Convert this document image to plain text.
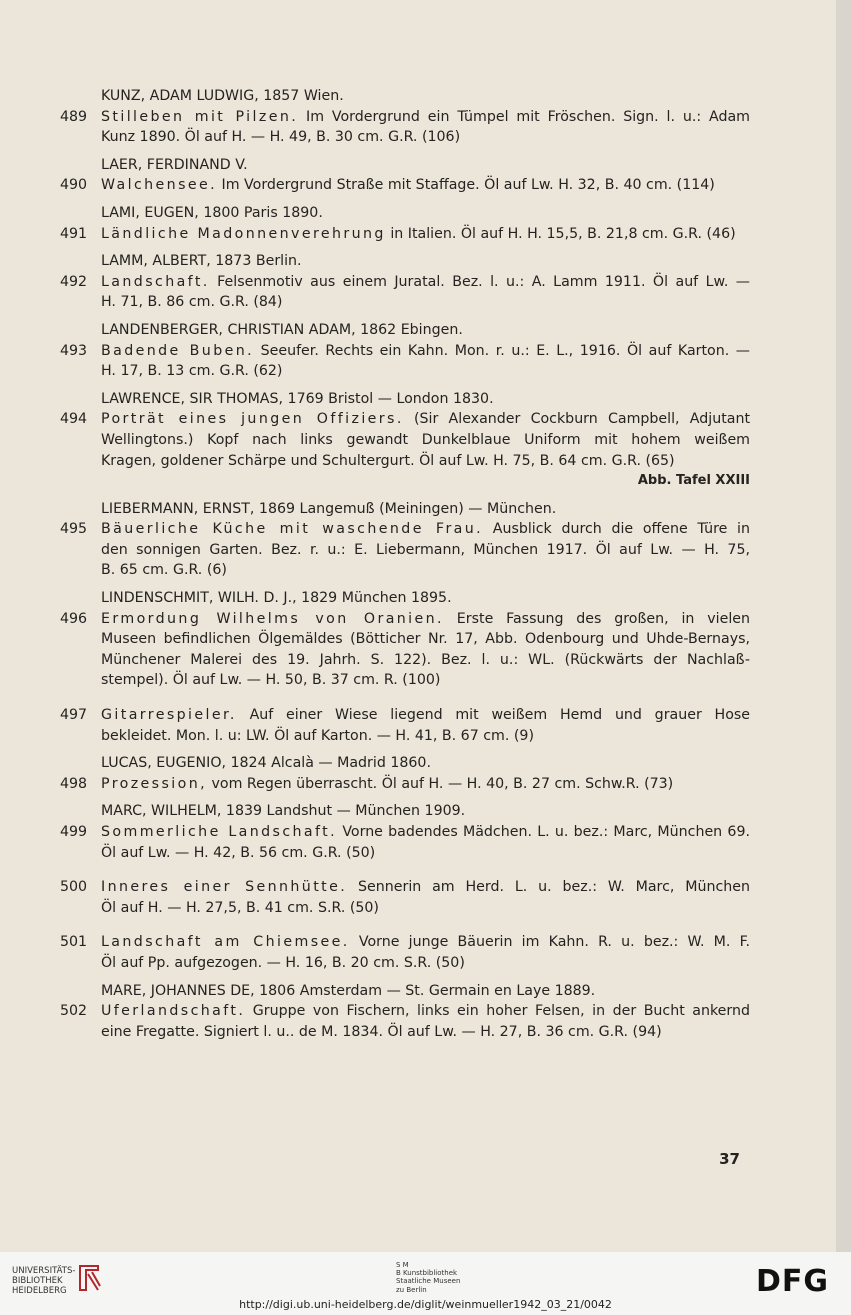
KUNZ, ADAM LUDWIG, 1857 Wien.
489 Stilleben mit Pilzen. Im Vordergrund ein Tümpel mit Fröschen. Sign. l. u.: Adam
Kunz 1890. Öl auf H. — H. 49, B. 30 cm. G.R. (106)
LAER, FERDINAND V.
490 Walchensee. Im Vordergrund Straße mit Staffage. Öl auf Lw. H. 32, B. 40 cm. (114)
LAMI, EUGEN, 1800 Paris 1890.
491 Ländliche Madonnenverehrung in Italien. Öl auf H. H. 15,5, B. 21,8 cm. G.R. (46)
LAMM, ALBERT, 1873 Berlin.
492 Landschaft. Felsenmotiv aus einem Juratal. Bez. l. u.: A. Lamm 1911. Öl auf Lw. —
H. 71, B. 86 cm. G.R. (84)
LANDENBERGER, CHRISTIAN ADAM, 1862 Ebingen.
493 Badende Buben. Seeufer. Rechts ein Kahn. Mon. r. u.: E. L., 1916. Öl auf Karton. —
H. 17, B. 13 cm. G.R. (62)
LAWRENCE, SIR THOMAS, 1769 Bristol — London 1830.
494 Porträt eines jungen Offiziers. (Sir Alexander Cockburn Campbell, Adjutant
Wellingtons.) Kopf nach links gewandt Dunkelblaue Uniform mit hohem weißem
Kragen, goldener Schärpe und Schultergurt. Öl auf Lw. H. 75, B. 64 cm. G.R. (65)
Abb. Tafel XXIII
LIEBERMANN, ERNST, 1869 Langemuß (Meiningen) — München.
495 Bäuerliche Küche mit waschende Frau. Ausblick durch die offene Türe in
den sonnigen Garten. Bez. r. u.: E. Liebermann, München 1917. Öl auf Lw. — H. 75,
B. 65 cm. G.R. (6)
LINDENSCHMIT, WILH. D. J., 1829 München 1895.
496 Ermordung Wilhelms von Oranien. Erste Fassung des großen, in vielen
Museen befindlichen Ölgemäldes (Bötticher Nr. 17, Abb. Odenbourg und Uhde-Bernays,
Münchener Malerei des 19. Jahrh. S. 122). Bez. l. u.: WL. (Rückwärts der Nachlaß-
stempel). Öl auf Lw. — H. 50, B. 37 cm. R. (100)
497 Gitarrespieler. Auf einer Wiese liegend mit weißem Hemd und grauer Hose
bekleidet. Mon. l. u: LW. Öl auf Karton. — H. 41, B. 67 cm. (9)
LUCAS, EUGENIO, 1824 Alcalà — Madrid 1860.
498 Prozession, vom Regen überrascht. Öl auf H. — H. 40, B. 27 cm. Schw.R. (73)
MARC, WILHELM, 1839 Landshut — München 1909.
499 Sommerliche Landschaft. Vorne badendes Mädchen. L. u. bez.: Marc, München 69.
Öl auf Lw. — H. 42, B. 56 cm. G.R. (50)
500 Inneres einer Sennhütte. Sennerin am Herd. L. u. bez.: W. Marc, München
Öl auf H. — H. 27,5, B. 41 cm. S.R. (50)
501 Landschaft am Chiemsee. Vorne junge Bäuerin im Kahn. R. u. bez.: W. M. F.
Öl auf Pp. aufgezogen. — H. 16, B. 20 cm. S.R. (50)
MARE, JOHANNES DE, 1806 Amsterdam — St. Germain en Laye 1889.
502 Uferlandschaft. Gruppe von Fischern, links ein hoher Felsen, in der Bucht ankernd
eine Fregatte. Signiert l. u.. de M. 1834. Öl auf Lw. — H. 27, B. 36 cm. G.R. (94)
37
UNIVERSITÄTS-
BIBLIOTHEK
HEIDELBERG
S M
B Kunstbibliothek
Staatliche Museen
zu Berlin	DFG
http://digi.ub.uni-heidelberg.de/diglit/weinmueller1942_03_21/0042
